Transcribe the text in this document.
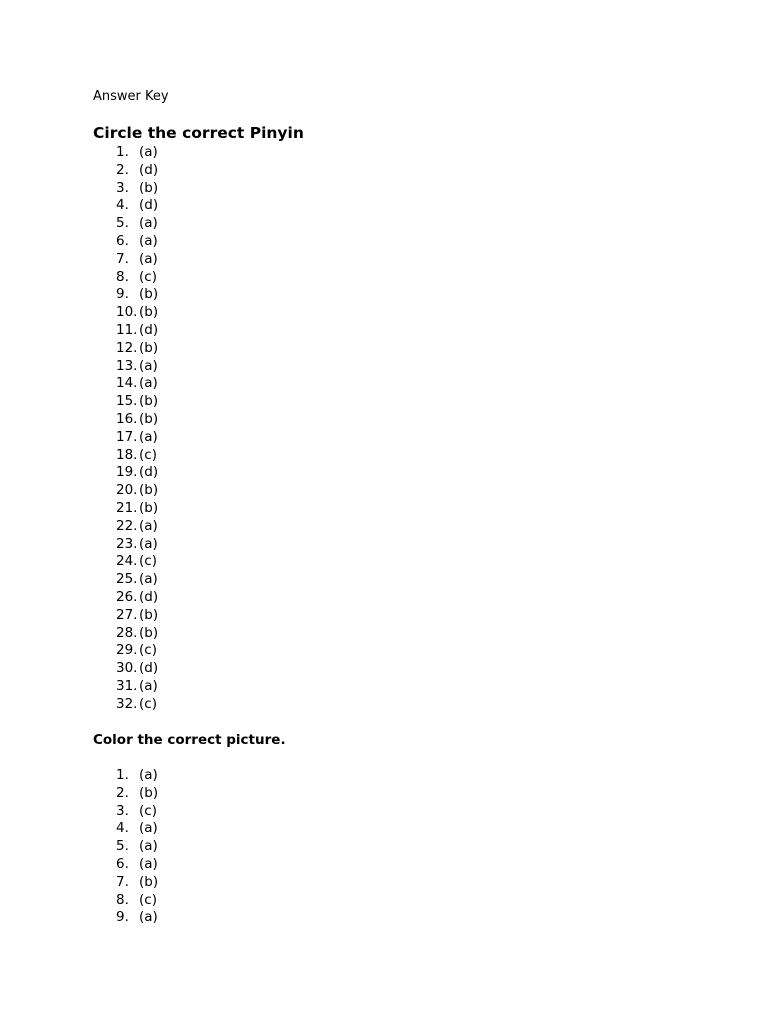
Answer Key
Circle the correct Pinyin
1. (a)
2. (d)
3. (b)
4. (d)
5. (a)
6. (a)
7. (a)
8. (c)
9. (b)
10. (b)
11. (d)
12. (b)
13. (a)
14. (a)
15. (b)
16. (b)
17. (a)
18. (c)
19. (d)
20. (b)
21. (b)
22. (a)
23. (a)
24. (c)
25. (a)
26. (d)
27. (b)
28. (b)
29. (c)
30. (d)
31. (a)
32. (c)
Color the correct picture.
1. (a)
2. (b)
3. (c)
4. (a)
5. (a)
6. (a)
7. (b)
8. (c)
9. (a)
